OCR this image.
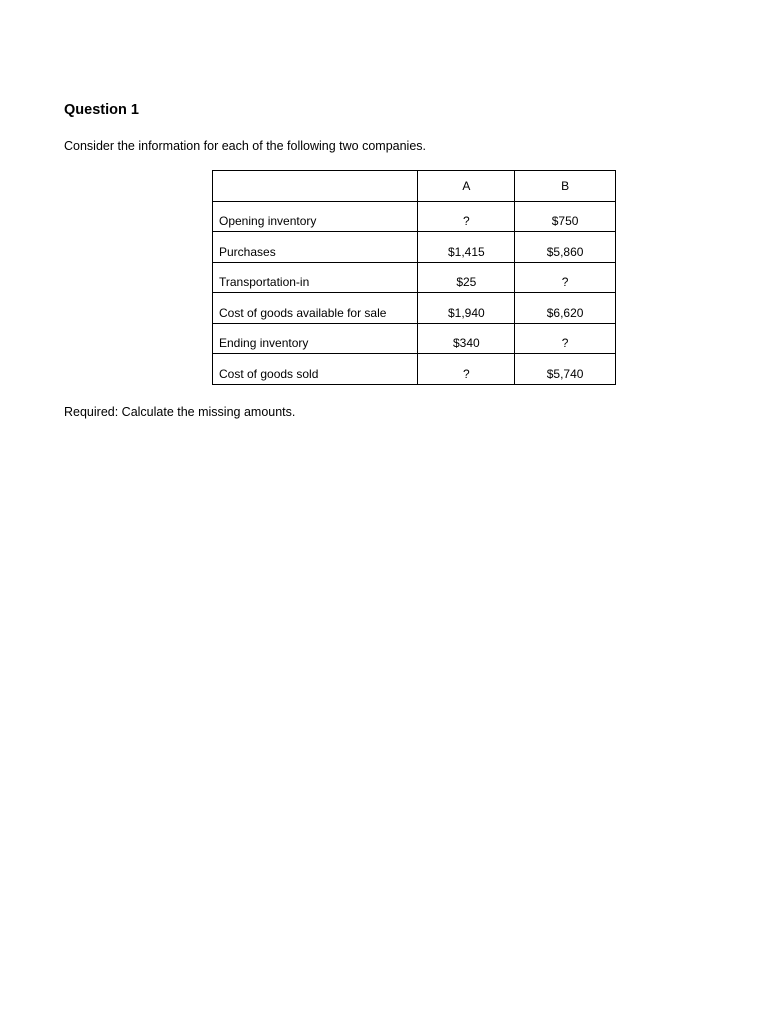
Question 1

Consider the information for each of the following two companies.

	A	B
Opening inventory	?	$750
Purchases	$1,415	$5,860
Transportation-in	$25	?
Cost of goods available for sale	$1,940	$6,620
Ending inventory	$340	?
Cost of goods sold	?	$5,740

Required: Calculate the missing amounts.
